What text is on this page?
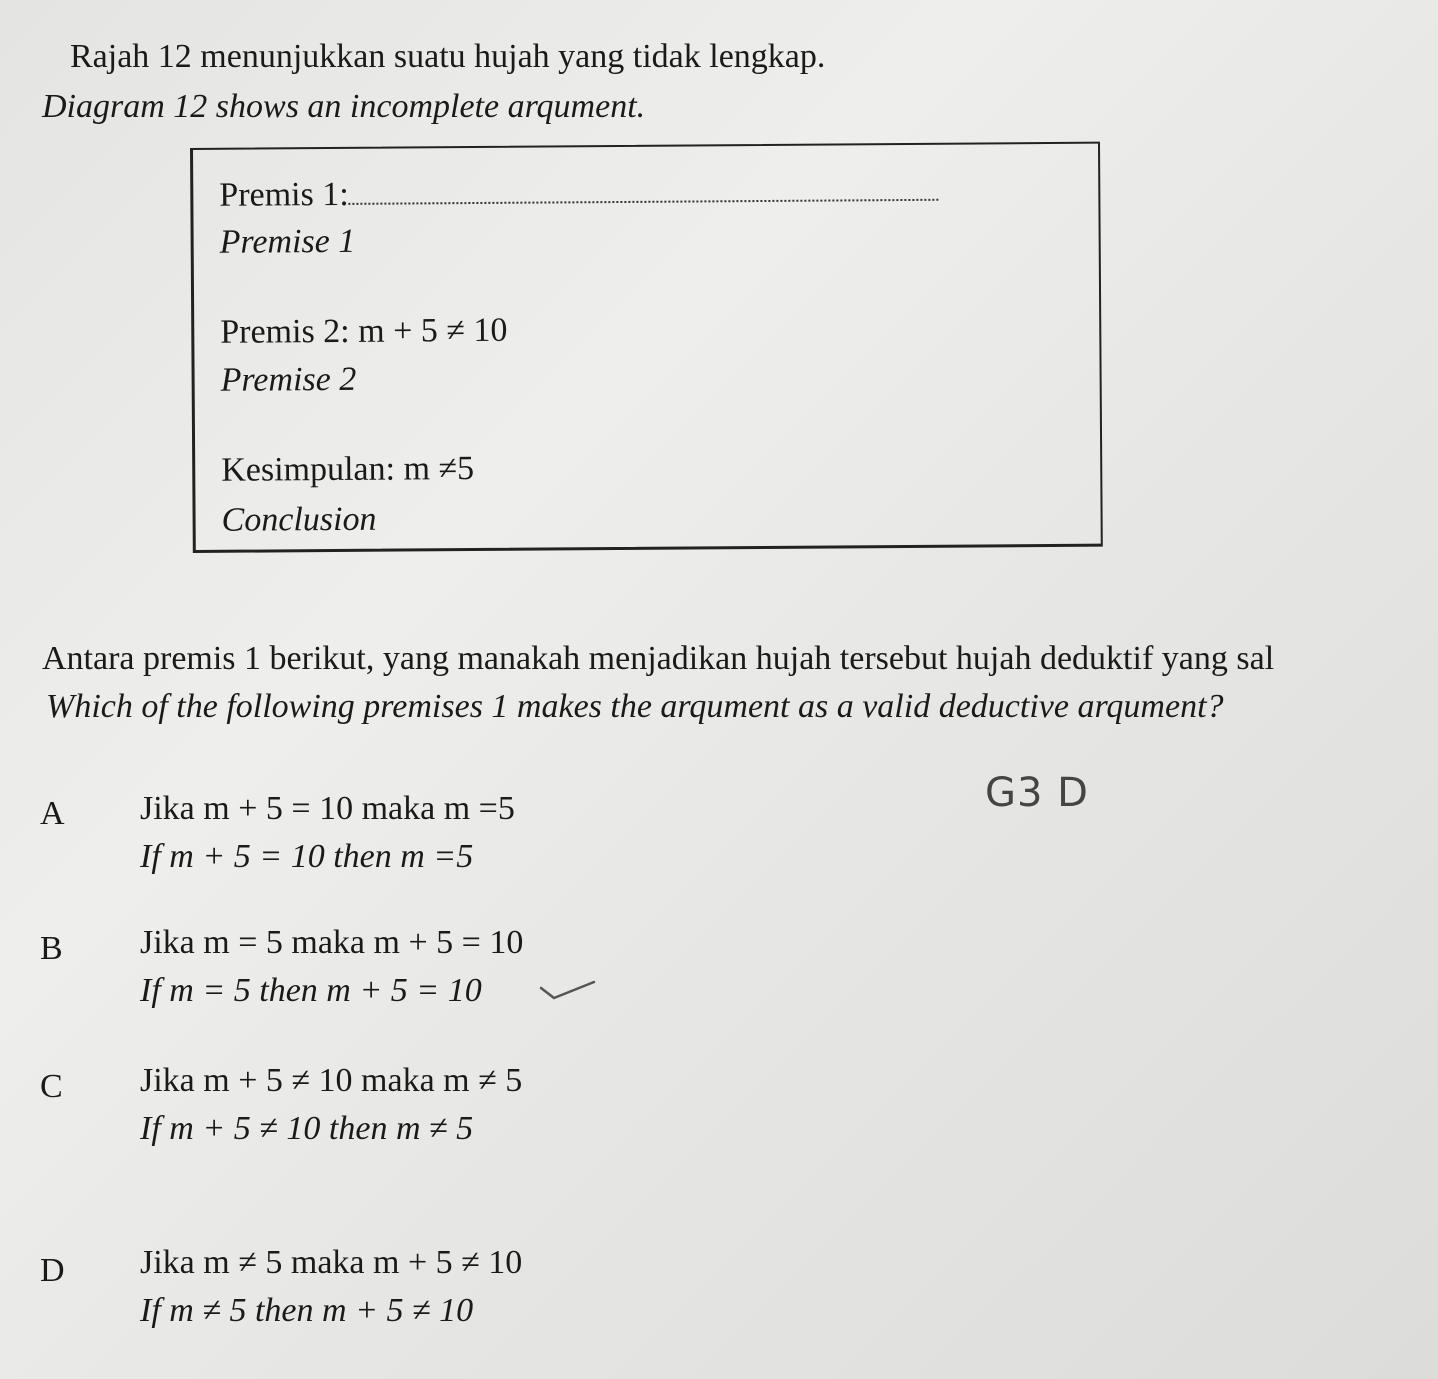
Rajah 12 menunjukkan suatu hujah yang tidak lengkap.
Diagram 12 shows an incomplete arqument.
Premis 1:
Premise 1
Premis 2: m + 5 ≠ 10
Premise 2
Kesimpulan: m ≠5
Conclusion
Antara premis 1 berikut, yang manakah menjadikan hujah tersebut hujah deduktif yang sal
Which of the following premises 1 makes the arqument as a valid deductive arqument?
G3 D
A Jika m + 5 = 10 maka m =5
If m + 5 = 10 then m =5
B Jika m = 5 maka m + 5 = 10
If m = 5 then m + 5 = 10
C Jika m + 5 ≠ 10 maka m ≠ 5
If m + 5 ≠ 10 then m ≠ 5
D Jika m ≠ 5 maka m + 5 ≠ 10
If m ≠ 5 then m + 5 ≠ 10
